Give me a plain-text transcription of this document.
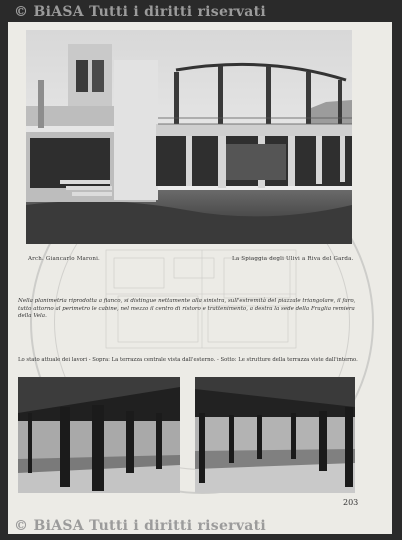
© BiASA Tutti i diritti riservati
Arch. Giancarlo Maroni.	La Spiaggia degli Ulivi a Riva del Garda.
Nella planimetria riprodotta a fianco, si distingue nettamente alla sinistra, sull'estremità del piazzale triangolare, il faro, tutto attorno al perimetro le cabine, nel mezzo il centro di ristoro e trattenimento, a destra la sede della Fraglia remiera della Vela.
Lo stato attuale dei lavori - Sopra: La terrazza centrale vista dall'esterno. - Sotto: Le strutture della terrazza viste dall'interno.
203
© BiASA Tutti i diritti riservati
